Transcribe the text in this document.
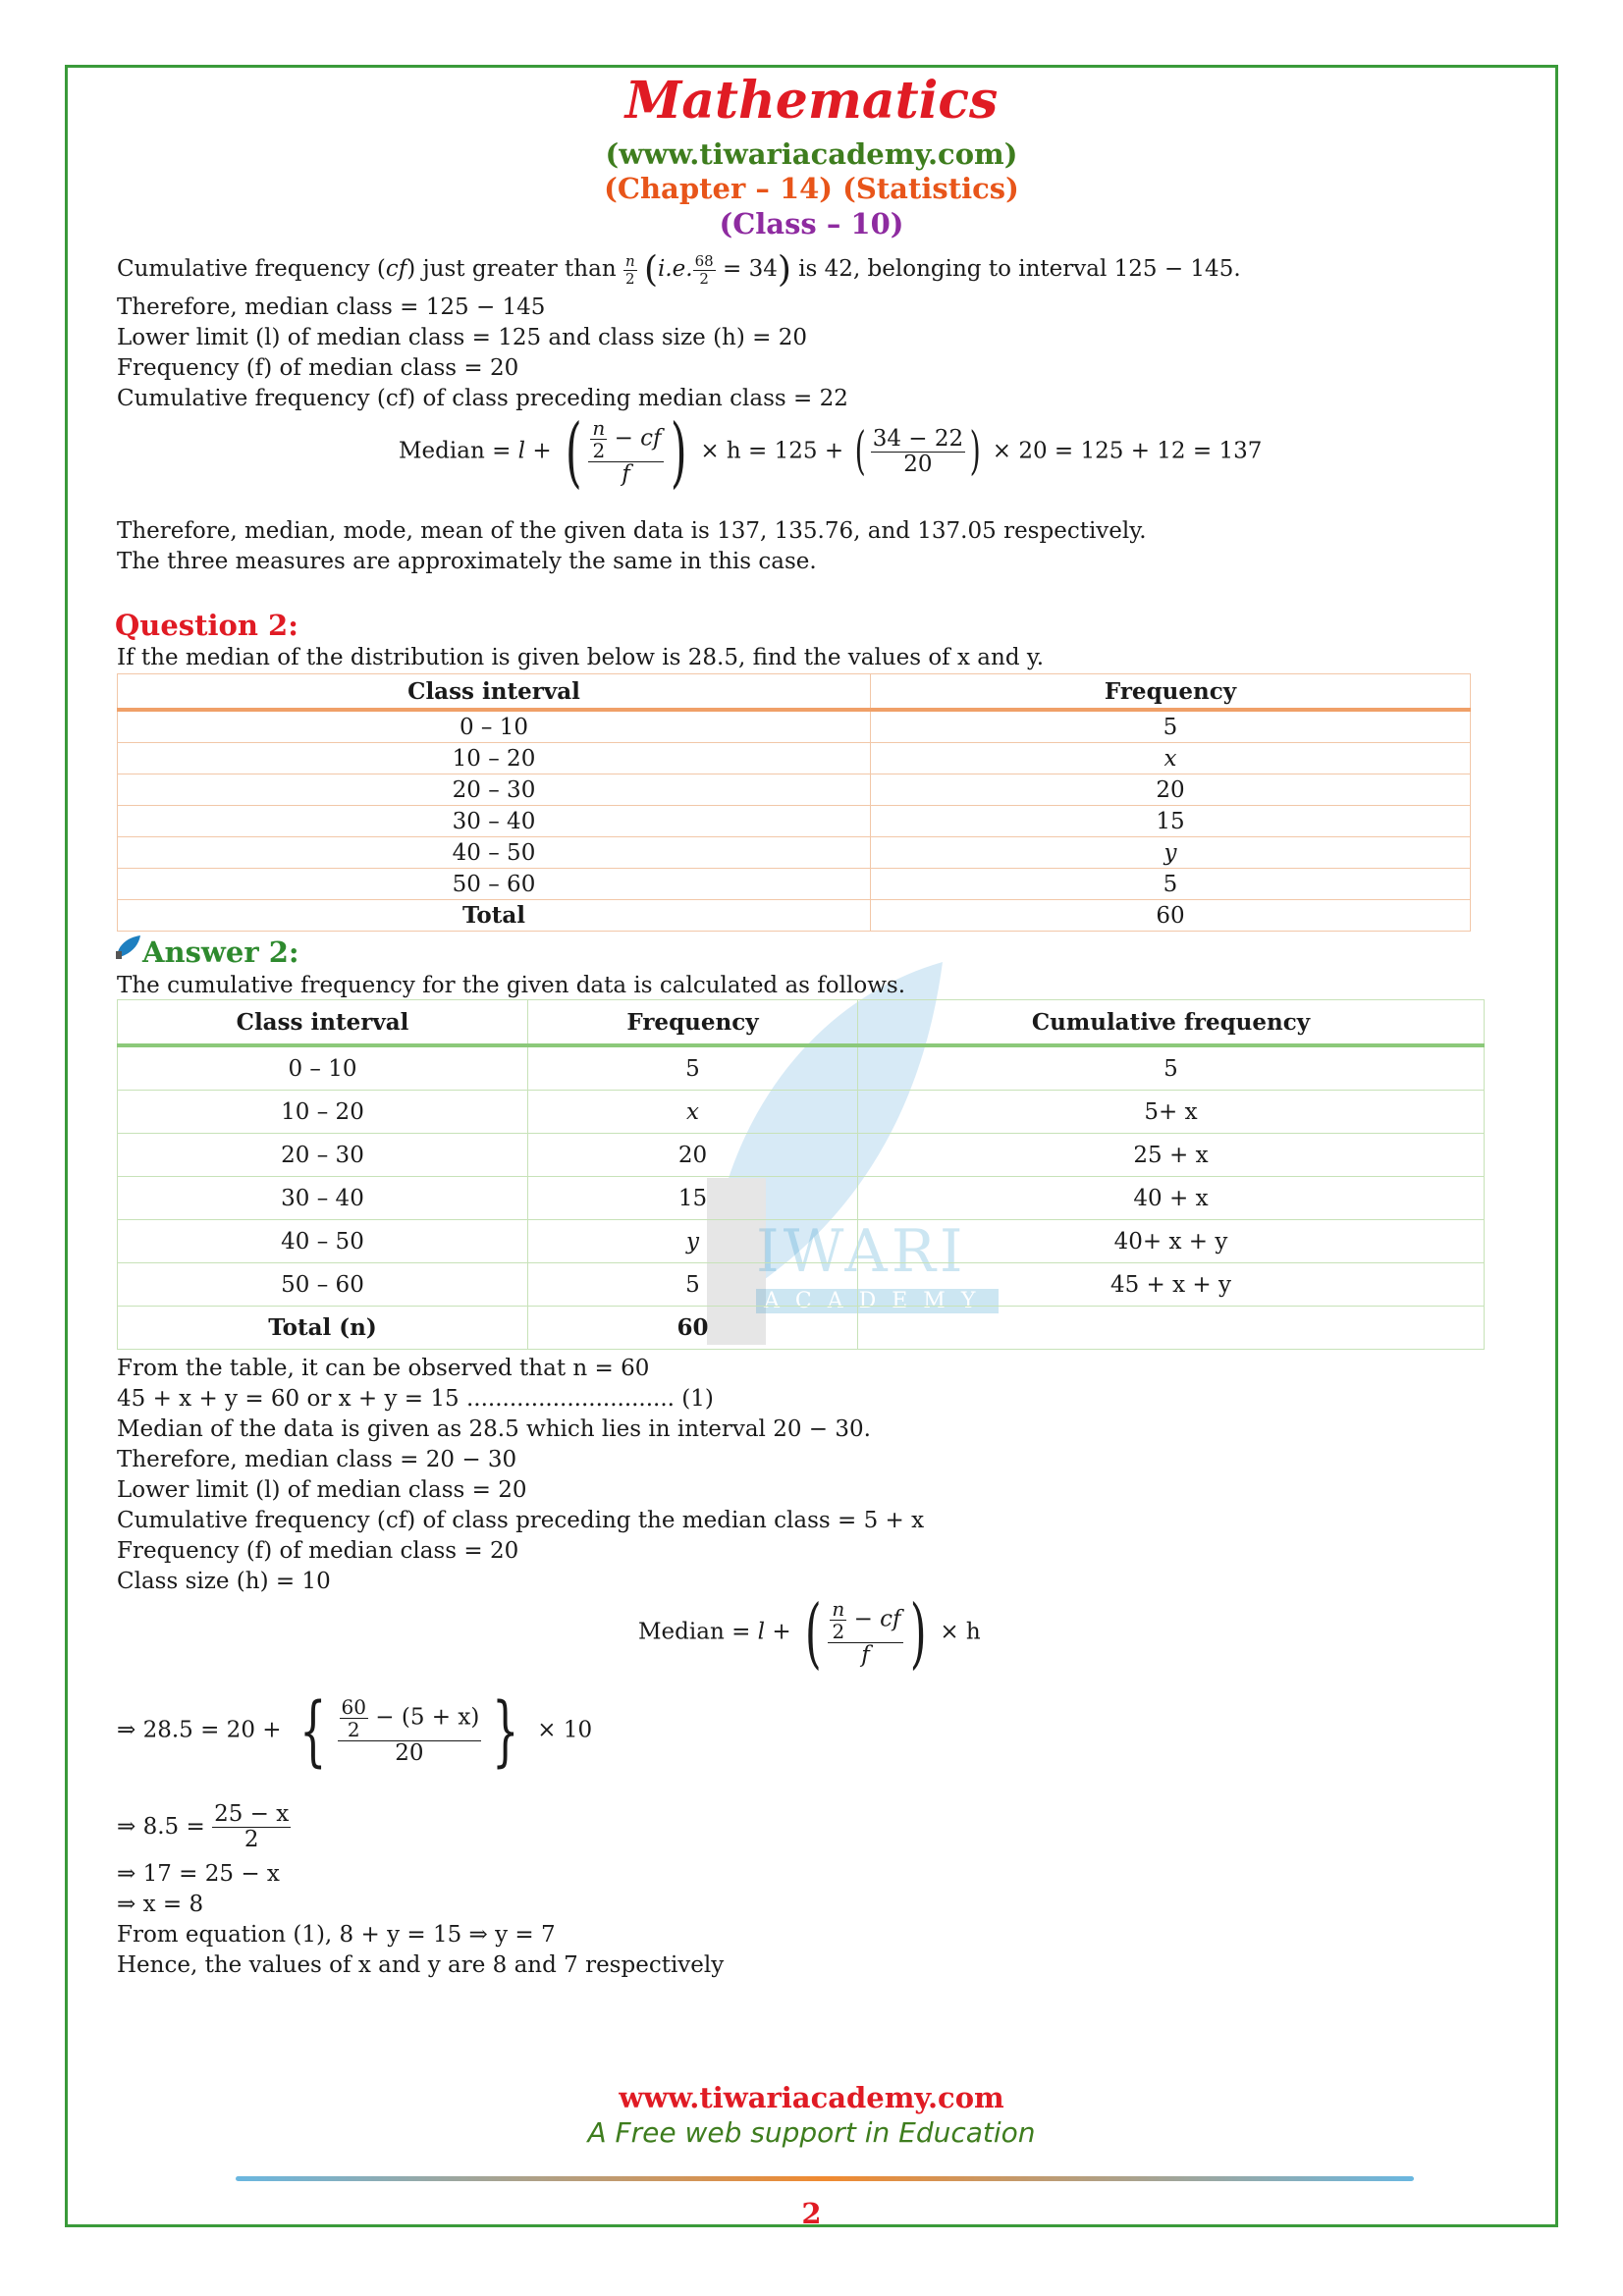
IWARI
ACADEMY
Mathematics
(www.tiwariacademy.com)
(Chapter – 14) (Statistics)
(Class – 10)
Cumulative frequency (cf) just greater than $\frac{n}{2} (i.e$. $\frac{68}{2} = 34$) is 42, belonging to interval 125 − 145.
Therefore, median class = 125 − 145
Lower limit (l) of median class = 125 and class size (h) = 20
Frequency (f) of median class = 20
Cumulative frequency (cf) of class preceding median class = 22
Median = l + ( $\frac{\frac{n}{2} - cf}{f}$ ) × h = 125 + ( $\frac{34 - 22}{20}$ ) × 20 = 125 + 12 = 137
Therefore, median, mode, mean of the given data is 137, 135.76, and 137.05 respectively.
The three measures are approximately the same in this case.
Question 2:
If the median of the distribution is given below is 28.5, find the values of x and y.
Class interval	Frequency
0 – 10	5
10 – 20	x
20 – 30	20
30 – 40	15
40 – 50	y
50 – 60	5
Total	60
Answer 2:
The cumulative frequency for the given data is calculated as follows.
Class interval	Frequency	Cumulative frequency
0 – 10	5	5
10 – 20	x	5+ x
20 – 30	20	25 + x
30 – 40	15	40 + x
40 – 50	y	40+ x + y
50 – 60	5	45 + x + y
Total (n)	60	
From the table, it can be observed that n = 60
45 + x + y = 60 or x + y = 15 ............................. (1)
Median of the data is given as 28.5 which lies in interval 20 − 30.
Therefore, median class = 20 − 30
Lower limit (l) of median class = 20
Cumulative frequency (cf) of class preceding the median class = 5 + x
Frequency (f) of median class = 20
Class size (h) = 10
Median = l + ( $\frac{\frac{n}{2} - cf}{f}$ ) × h
⇒ 28.5 = 20 + { $\frac{\frac{60}{2} - (5 + x)}{20}$ } × 10
⇒ $8.5 = \frac{25 - x}{2}$
⇒ 17 = 25 − x
⇒ x = 8
From equation (1), 8 + y = 15 ⇒ y = 7
Hence, the values of x and y are 8 and 7 respectively
www.tiwariacademy.com
A Free web support in Education
2
